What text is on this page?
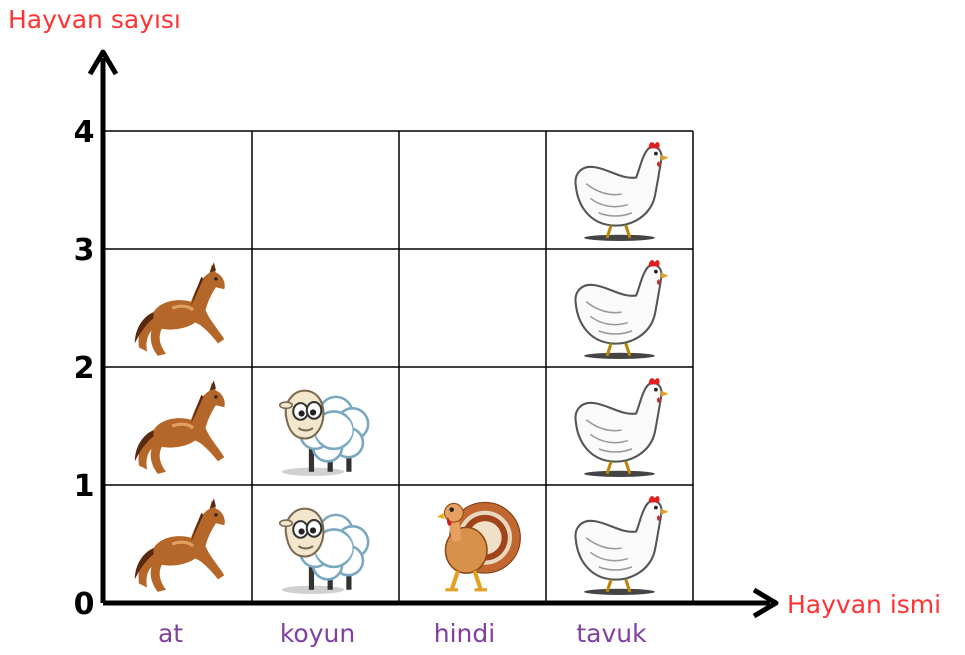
Hayvan sayısı
Hayvan ismi
0
1
2
3
4
at	koyun	hindi	tavuk
